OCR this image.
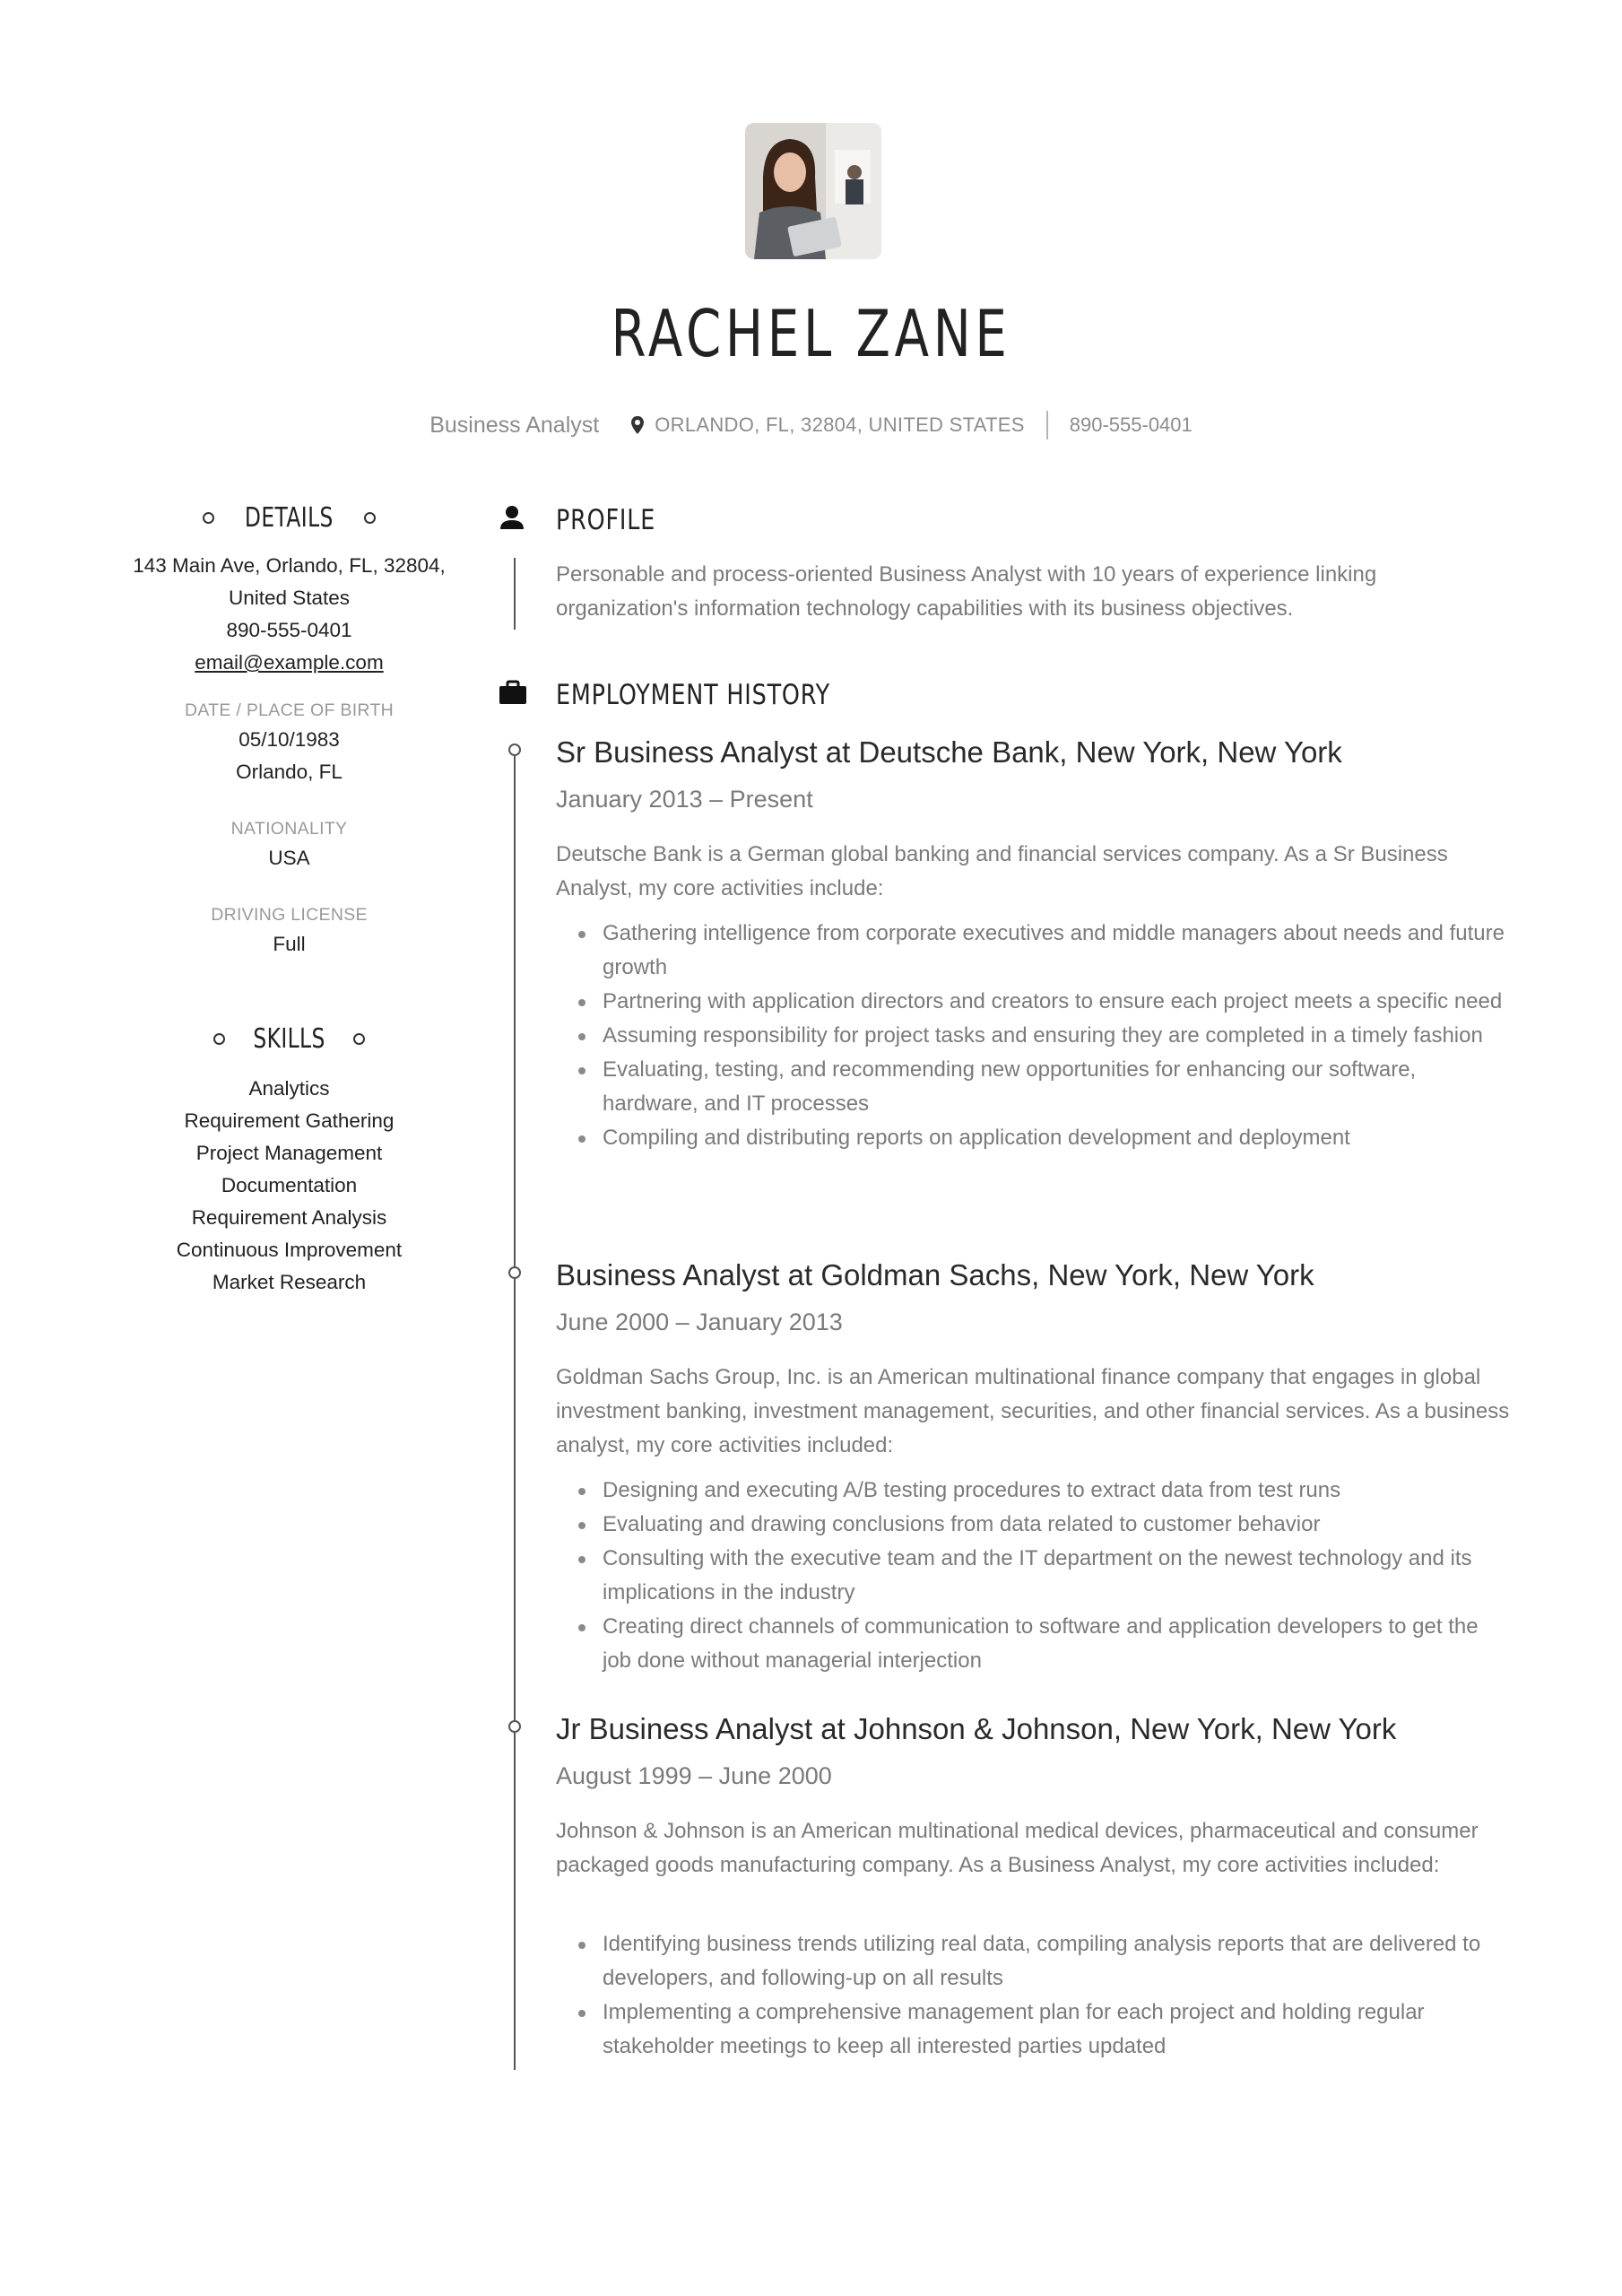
RACHEL ZANE
Business Analyst	ORLANDO, FL, 32804, UNITED STATES 890-555-0401
DETAILS
143 Main Ave, Orlando, FL, 32804,
United States
890-555-0401
email@example.com
DATE / PLACE OF BIRTH
05/10/1983
Orlando, FL
NATIONALITY
USA
DRIVING LICENSE
Full
SKILLS
Analytics
Requirement Gathering
Project Management
Documentation
Requirement Analysis
Continuous Improvement
Market Research
PROFILE
Personable and process-oriented Business Analyst with 10 years of experience linking organization's information technology capabilities with its business objectives.
EMPLOYMENT HISTORY
Sr Business Analyst at Deutsche Bank, New York, New York
January 2013 – Present
Deutsche Bank is a German global banking and financial services company. As a Sr Business Analyst, my core activities include:
Gathering intelligence from corporate executives and middle managers about needs and future growth
Partnering with application directors and creators to ensure each project meets a specific need
Assuming responsibility for project tasks and ensuring they are completed in a timely fashion
Evaluating, testing, and recommending new opportunities for enhancing our software, hardware, and IT processes
Compiling and distributing reports on application development and deployment
Business Analyst at Goldman Sachs, New York, New York
June 2000 – January 2013
Goldman Sachs Group, Inc. is an American multinational finance company that engages in global investment banking, investment management, securities, and other financial services. As a business analyst, my core activities included:
Designing and executing A/B testing procedures to extract data from test runs
Evaluating and drawing conclusions from data related to customer behavior
Consulting with the executive team and the IT department on the newest technology and its implications in the industry
Creating direct channels of communication to software and application developers to get the job done without managerial interjection
Jr Business Analyst at Johnson & Johnson, New York, New York
August 1999 – June 2000
Johnson & Johnson is an American multinational medical devices, pharmaceutical and consumer packaged goods manufacturing company. As a Business Analyst, my core activities included:
Identifying business trends utilizing real data, compiling analysis reports that are delivered to developers, and following-up on all results
Implementing a comprehensive management plan for each project and holding regular stakeholder meetings to keep all interested parties updated
